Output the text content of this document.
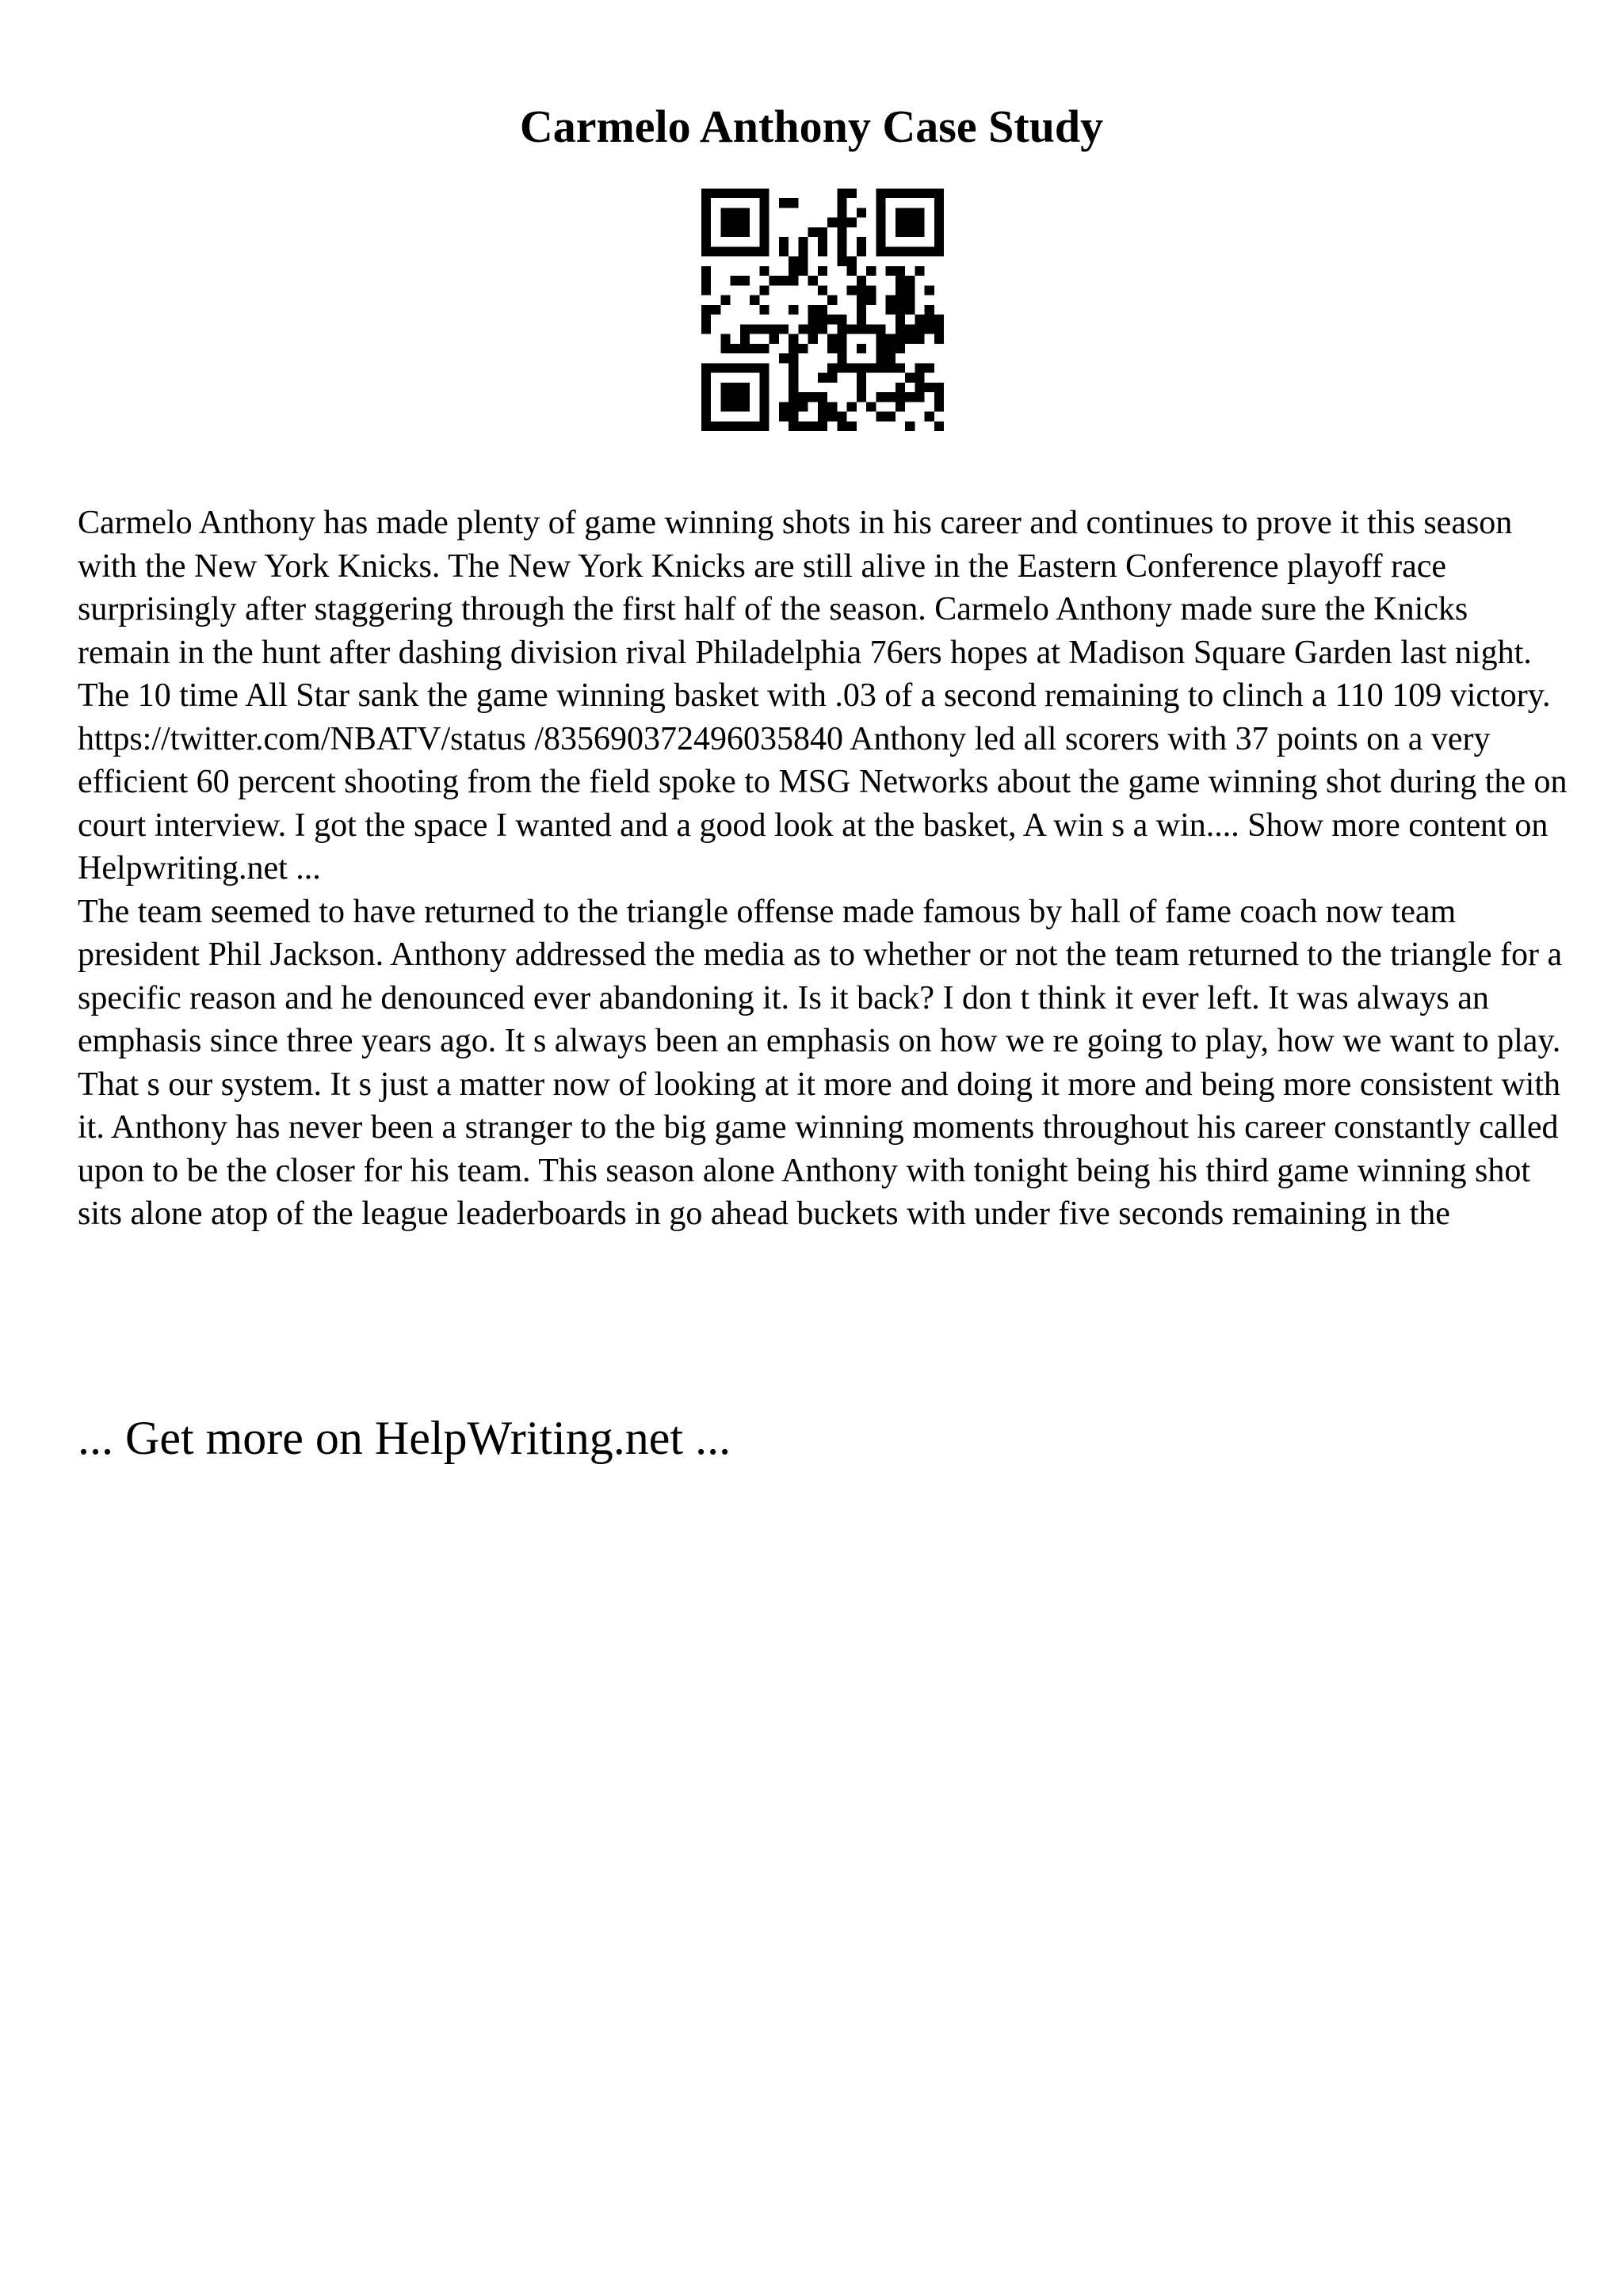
Carmelo Anthony Case Study

Carmelo Anthony has made plenty of game winning shots in his career and continues to prove it this season with the New York Knicks. The New York Knicks are still alive in the Eastern Conference playoff race surprisingly after staggering through the first half of the season. Carmelo Anthony made sure the Knicks remain in the hunt after dashing division rival Philadelphia 76ers hopes at Madison Square Garden last night. The 10 time All Star sank the game winning basket with .03 of a second remaining to clinch a 110 109 victory. https://twitter.com/NBATV/status /835690372496035840 Anthony led all scorers with 37 points on a very efficient 60 percent shooting from the field spoke to MSG Networks about the game winning shot during the on court interview. I got the space I wanted and a good look at the basket, A win s a win.... Show more content on Helpwriting.net ...

The team seemed to have returned to the triangle offense made famous by hall of fame coach now team president Phil Jackson. Anthony addressed the media as to whether or not the team returned to the triangle for a specific reason and he denounced ever abandoning it. Is it back? I don t think it ever left. It was always an emphasis since three years ago. It s always been an emphasis on how we re going to play, how we want to play. That s our system. It s just a matter now of looking at it more and doing it more and being more consistent with it. Anthony has never been a stranger to the big game winning moments throughout his career constantly called upon to be the closer for his team. This season alone Anthony with tonight being his third game winning shot sits alone atop of the league leaderboards in go ahead buckets with under five seconds remaining in the

... Get more on HelpWriting.net ...
